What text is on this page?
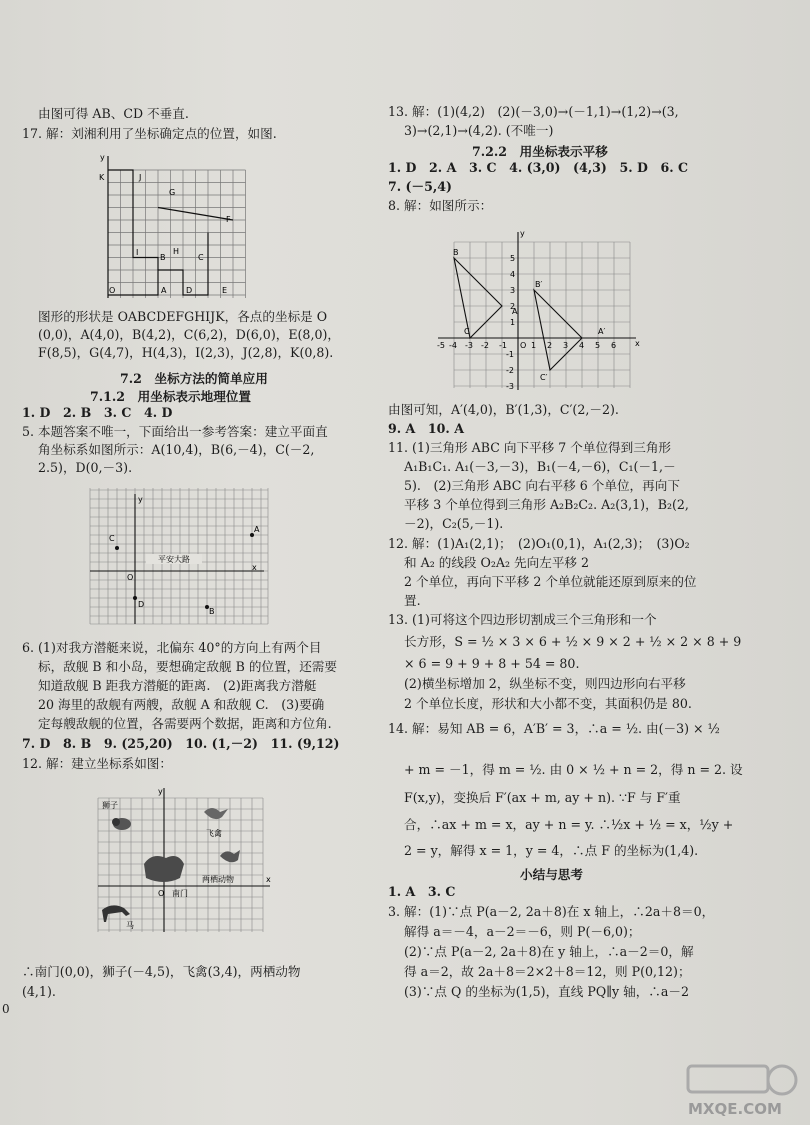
由图可得 AB、CD 不垂直.
17. 解：刘湘利用了坐标确定点的位置，如图.
y
K	J
G
F
I
B
H
C
O	A D	E
图形的形状是 OABCDEFGHIJK，各点的坐标是 O
(0,0)，A(4,0)，B(4,2)，C(6,2)，D(6,0)，E(8,0)，
F(8,5)，G(4,7)，H(4,3)，I(2,3)，J(2,8)，K(0,8).
7.2　坐标方法的简单应用
7.1.2　用坐标表示地理位置
1. D　2. B　3. C　4. D
5. 本题答案不唯一，下面给出一参考答案：建立平面直
角坐标系如图所示：A(10,4)，B(6,－4)，C(－2,
2.5)，D(0,－3).
平安大路
y
x
A
B
C
D
O
6. (1)对我方潜艇来说，北偏东 40°的方向上有两个目
标，敌舰 B 和小岛，要想确定敌舰 B 的位置，还需要
知道敌舰 B 距我方潜艇的距离.　(2)距离我方潜艇
20 海里的敌舰有两艘，敌舰 A 和敌舰 C.　(3)要确
定每艘敌舰的位置，各需要两个数据，距离和方位角.
7. D　8. B　9. (25,20)　10. (1,－2)　11. (9,12)
12. 解：建立坐标系如图：
y
x
狮子
飞禽
两栖动物
O 南门
马
∴南门(0,0)，狮子(－4,5)，飞禽(3,4)，两栖动物
(4,1).
0
13. 解：(1)(4,2)　(2)(－3,0)→(－1,1)→(1,2)→(3,
3)→(2,1)→(4,2). (不唯一)
7.2.2　用坐标表示平移
1. D　2. A　3. C　4. (3,0)　(4,3)　5. D　6. C
7. (－5,4)
8. 解：如图所示：
y
x
-5 -4 -3 -2 -1 O 1 2 3 4 5 6
5
4
3
2
1
-1
-2
-3
B
A
C
B′
A′
C′
由图可知，A′(4,0)，B′(1,3)，C′(2,－2).
9. A　10. A
11. (1)三角形 ABC 向下平移 7 个单位得到三角形
A₁B₁C₁. A₁(－3,－3)，B₁(－4,－6)，C₁(－1,－
5).　(2)三角形 ABC 向右平移 6 个单位，再向下
平移 3 个单位得到三角形 A₂B₂C₂. A₂(3,1)，B₂(2,
－2)，C₂(5,－1).
12. 解：(1)A₁(2,1)；　(2)O₁(0,1)，A₁(2,3)；　(3)O₂
和 A₂ 的线段 O₂A₂ 先向左平移 2
2 个单位，再向下平移 2 个单位就能还原到原来的位
置.
13. (1)可将这个四边形切割成三个三角形和一个
长方形，S = ½ × 3 × 6 + ½ × 9 × 2 + ½ × 2 × 8 + 9
× 6 = 9 + 9 + 8 + 54 = 80.
(2)横坐标增加 2，纵坐标不变，则四边形向右平移
2 个单位长度，形状和大小都不变，其面积仍是 80.
14. 解：易知 AB = 6，A′B′ = 3，∴a = ½. 由(－3) × ½
+ m = －1，得 m = ½. 由 0 × ½ + n = 2，得 n = 2. 设
F(x,y)，变换后 F′(ax + m, ay + n). ∵F 与 F′重
合，∴ax + m = x，ay + n = y. ∴½x + ½ = x，½y +
2 = y，解得 x = 1，y = 4，∴点 F 的坐标为(1,4).
小结与思考
1. A　3. C
3. 解：(1)∵点 P(a－2, 2a＋8)在 x 轴上，∴2a＋8＝0，
解得 a＝－4，a－2＝－6，则 P(－6,0)；
(2)∵点 P(a－2, 2a＋8)在 y 轴上，∴a－2＝0，解
得 a＝2，故 2a＋8＝2×2＋8＝12，则 P(0,12)；
(3)∵点 Q 的坐标为(1,5)，直线 PQ∥y 轴，∴a－2
MXQE.COM
